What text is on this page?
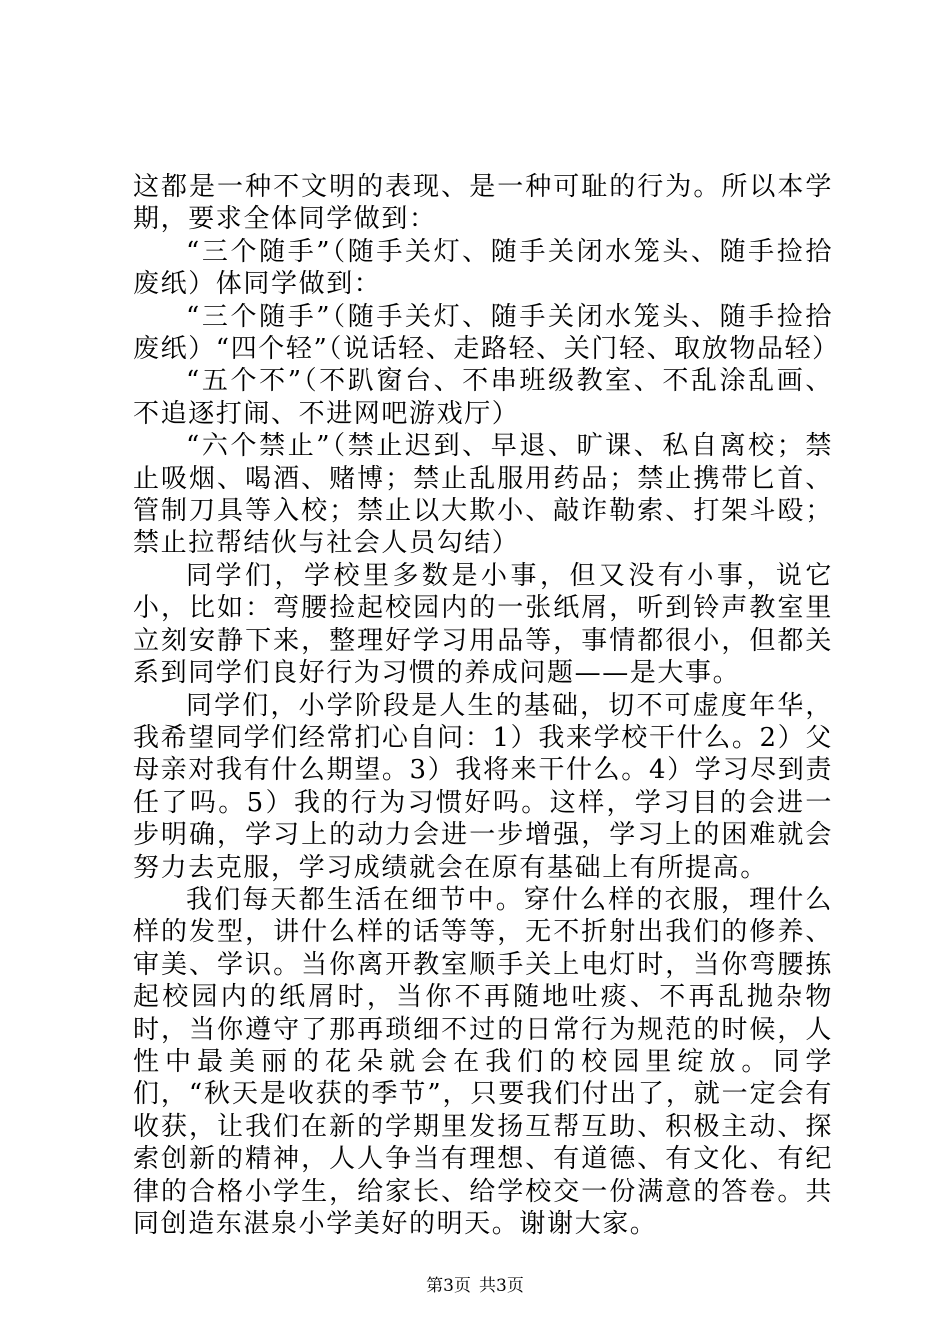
这都是一种不文明的表现、是一种可耻的行为。所以本学期，要求全体同学做到：

“三个随手”（随手关灯、随手关闭水笼头、随手捡拾废纸）体同学做到：

“三个随手”（随手关灯、随手关闭水笼头、随手捡拾废纸）“四个轻”（说话轻、走路轻、关门轻、取放物品轻）

“五个不”（不趴窗台、不串班级教室、不乱涂乱画、不追逐打闹、不进网吧游戏厅）

“六个禁止”（禁止迟到、早退、旷课、私自离校；禁止吸烟、喝酒、赌博；禁止乱服用药品；禁止携带匕首、管制刀具等入校；禁止以大欺小、敲诈勒索、打架斗殴；禁止拉帮结伙与社会人员勾结）

同学们，学校里多数是小事，但又没有小事，说它小，比如：弯腰捡起校园内的一张纸屑，听到铃声教室里立刻安静下来，整理好学习用品等，事情都很小，但都关系到同学们良好行为习惯的养成问题——是大事。

同学们，小学阶段是人生的基础，切不可虚度年华，我希望同学们经常扪心自问：1）我来学校干什么。2）父母亲对我有什么期望。3）我将来干什么。4）学习尽到责任了吗。5）我的行为习惯好吗。这样，学习目的会进一步明确，学习上的动力会进一步增强，学习上的困难就会努力去克服，学习成绩就会在原有基础上有所提高。

我们每天都生活在细节中。穿什么样的衣服，理什么样的发型，讲什么样的话等等，无不折射出我们的修养、审美、学识。当你离开教室顺手关上电灯时，当你弯腰拣起校园内的纸屑时，当你不再随地吐痰、不再乱抛杂物时，当你遵守了那再琐细不过的日常行为规范的时候，人性中最美丽的花朵就会在我们的校园里绽放。同学们，“秋天是收获的季节”，只要我们付出了，就一定会有收获，让我们在新的学期里发扬互帮互助、积极主动、探索创新的精神，人人争当有理想、有道德、有文化、有纪律的合格小学生，给家长、给学校交一份满意的答卷。共同创造东湛泉小学美好的明天。谢谢大家。

第3页 共3页
